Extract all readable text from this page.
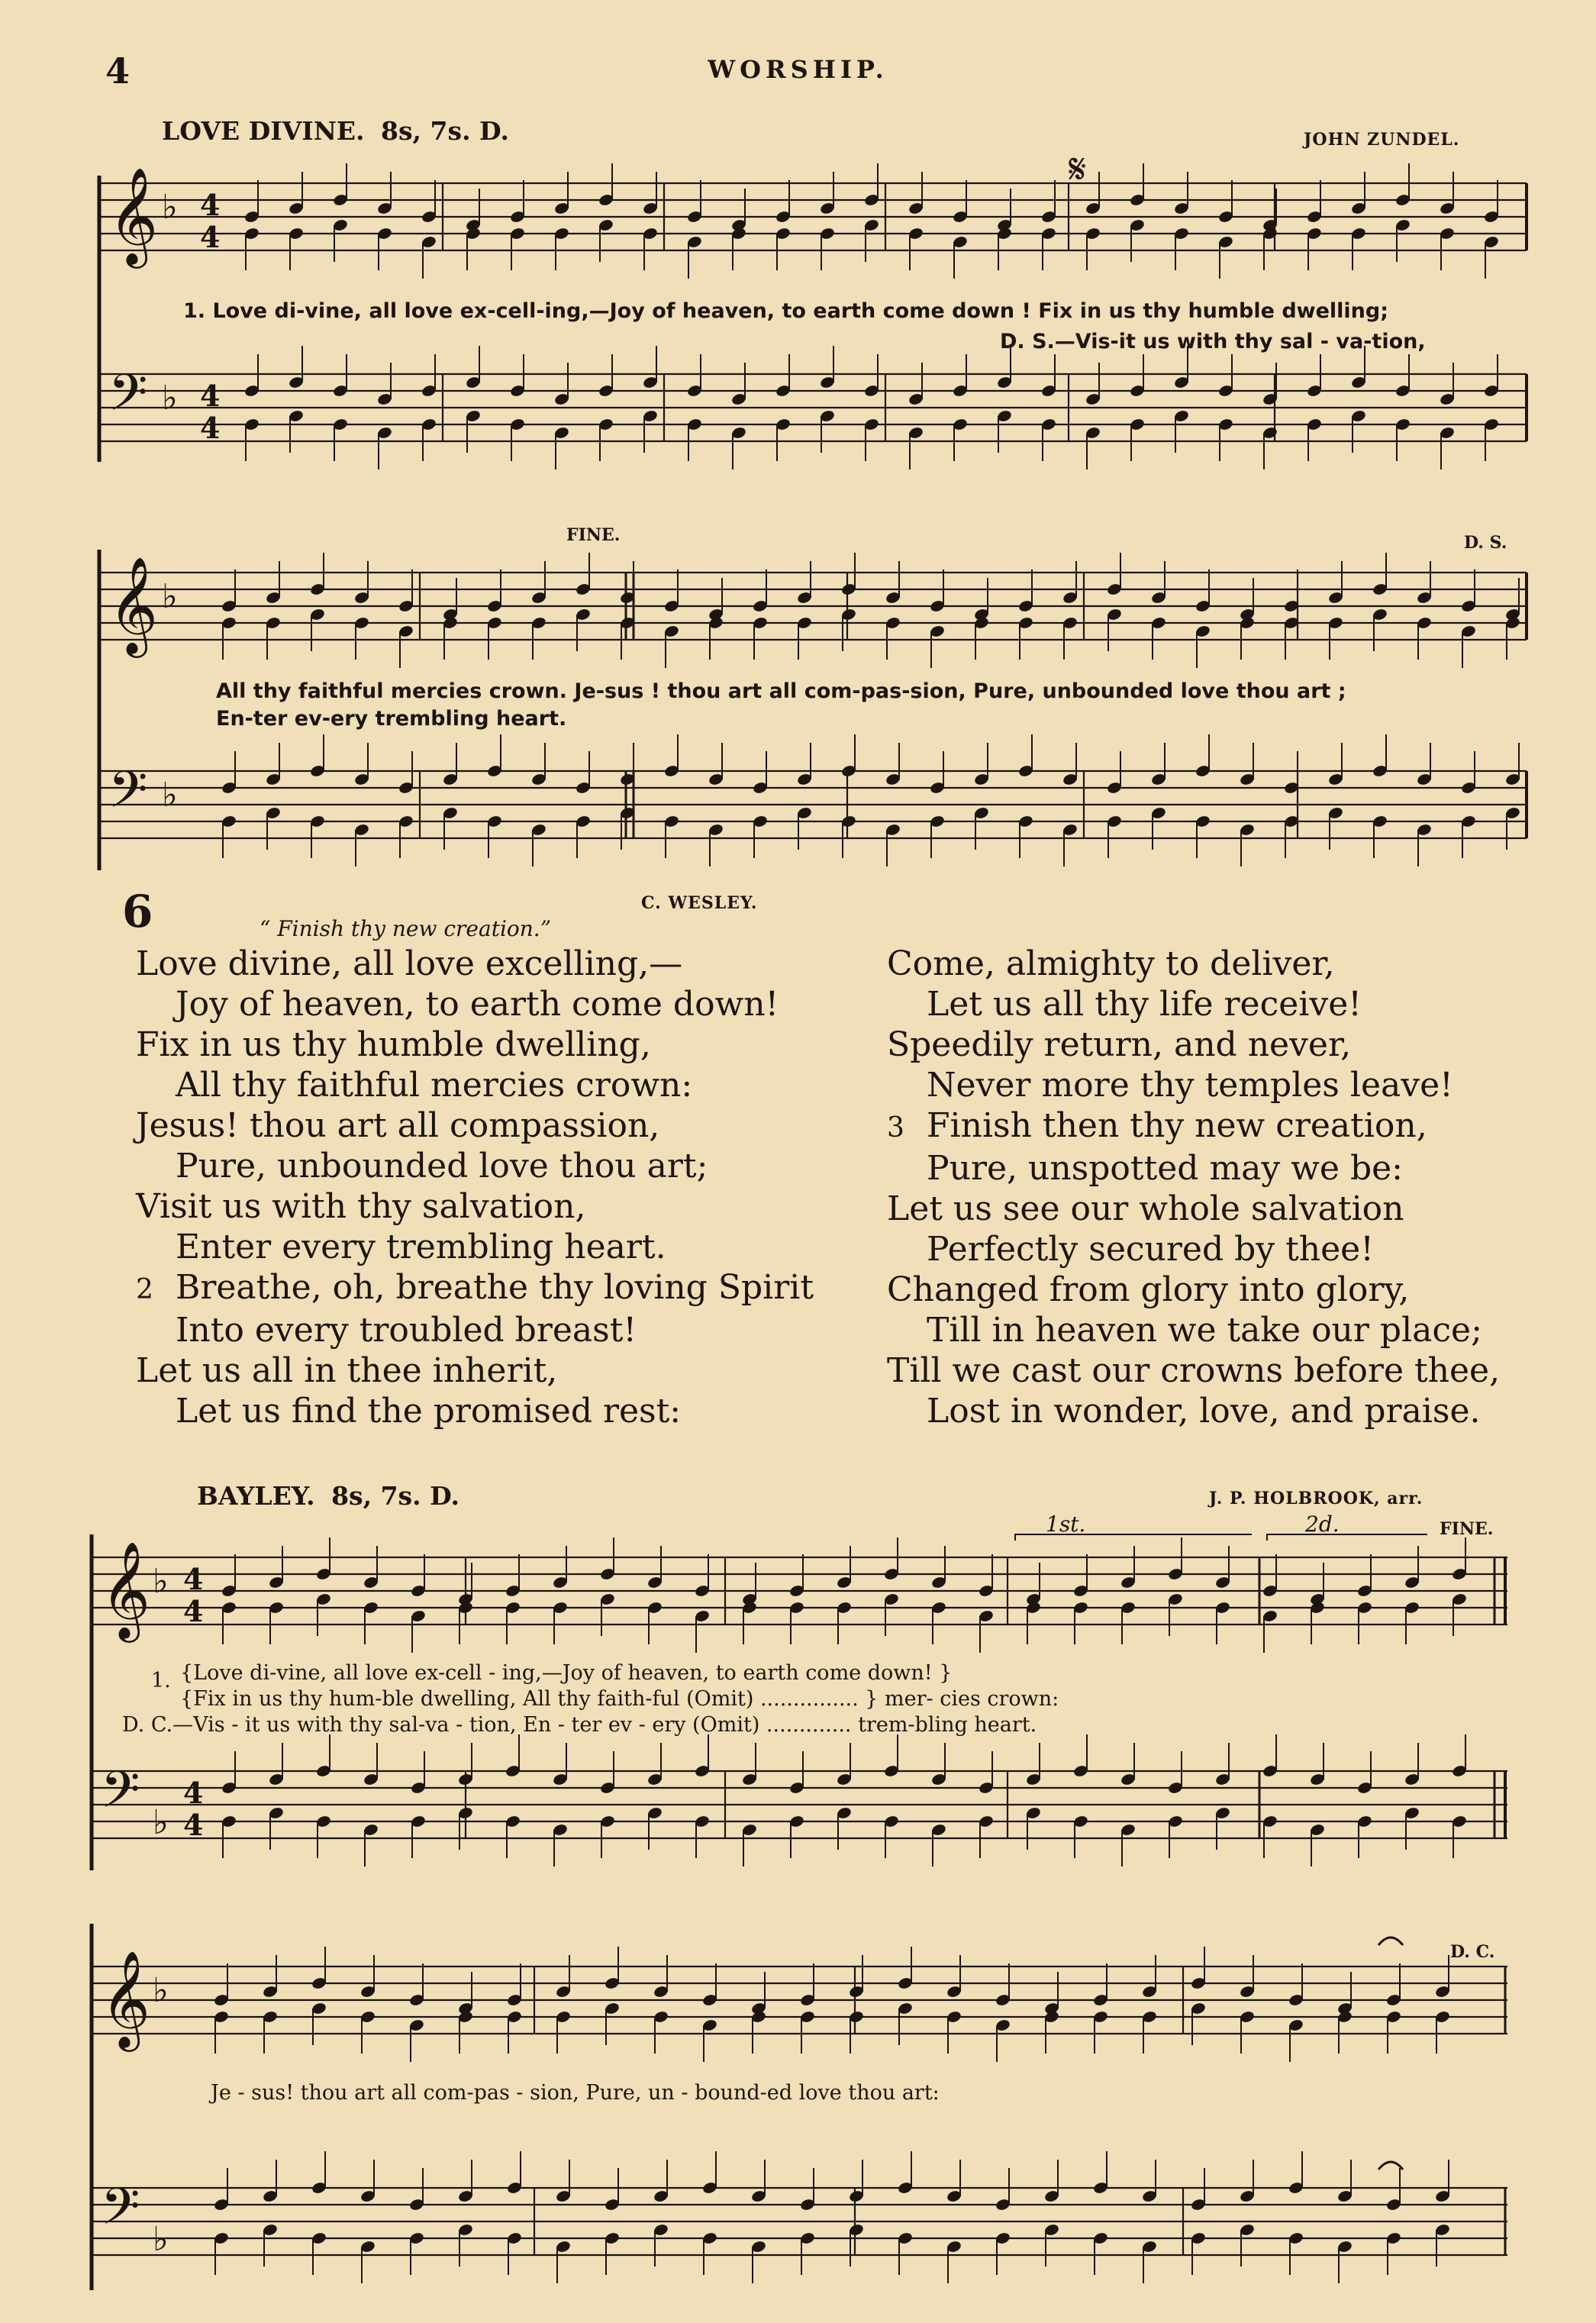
4	WORSHIP.
LOVE DIVINE. 8s, 7s. D.	JOHN ZUNDEL.
𝄋
FINE.	D. S.
𝄞
𝄢
♭ 4
4
♭ 4
4
1. Love di-vine, all love ex-cell-ing,—Joy of heaven, to earth come down ! Fix in us thy humble dwelling;
D. S.—Vis-it us with thy sal - va-tion,
𝄞
𝄢
♭
♭
All thy faithful mercies crown. Je-sus ! thou art all com-pas-sion, Pure, unbounded love thou art ;
En-ter ev-ery trembling heart.
6	“ Finish thy new creation.”
C. WESLEY.
Love divine, all love excelling,—
Joy of heaven, to earth come down!
Fix in us thy humble dwelling,
All thy faithful mercies crown:
Jesus! thou art all compassion,
Pure, unbounded love thou art;
Visit us with thy salvation,
Enter every trembling heart.
2 Breathe, oh, breathe thy loving Spirit
Into every troubled breast!
Let us all in thee inherit,
Let us find the promised rest:
Come, almighty to deliver,
Let us all thy life receive!
Speedily return, and never,
Never more thy temples leave!
3 Finish then thy new creation,
Pure, unspotted may we be:
Let us see our whole salvation
Perfectly secured by thee!
Changed from glory into glory,
Till in heaven we take our place;
Till we cast our crowns before thee,
Lost in wonder, love, and praise.
BAYLEY. 8s, 7s. D.	J. P. HOLBROOK, arr.
1st.	2d.	FINE.
D. C.
𝄞
𝄢
♭ 4
4
♭
4
4
1. {Love di-vine, all love ex-cell - ing,—Joy of heaven, to earth come down! }
{Fix in us thy hum-ble dwelling, All thy faith-ful (Omit) ............... } mer- cies crown:
D. C.—Vis - it us with thy sal-va - tion, En - ter ev - ery (Omit) ............. trem-bling heart.
𝄞
𝄢
♭
♭
Je - sus! thou art all com-pas - sion, Pure, un - bound-ed love thou art:
